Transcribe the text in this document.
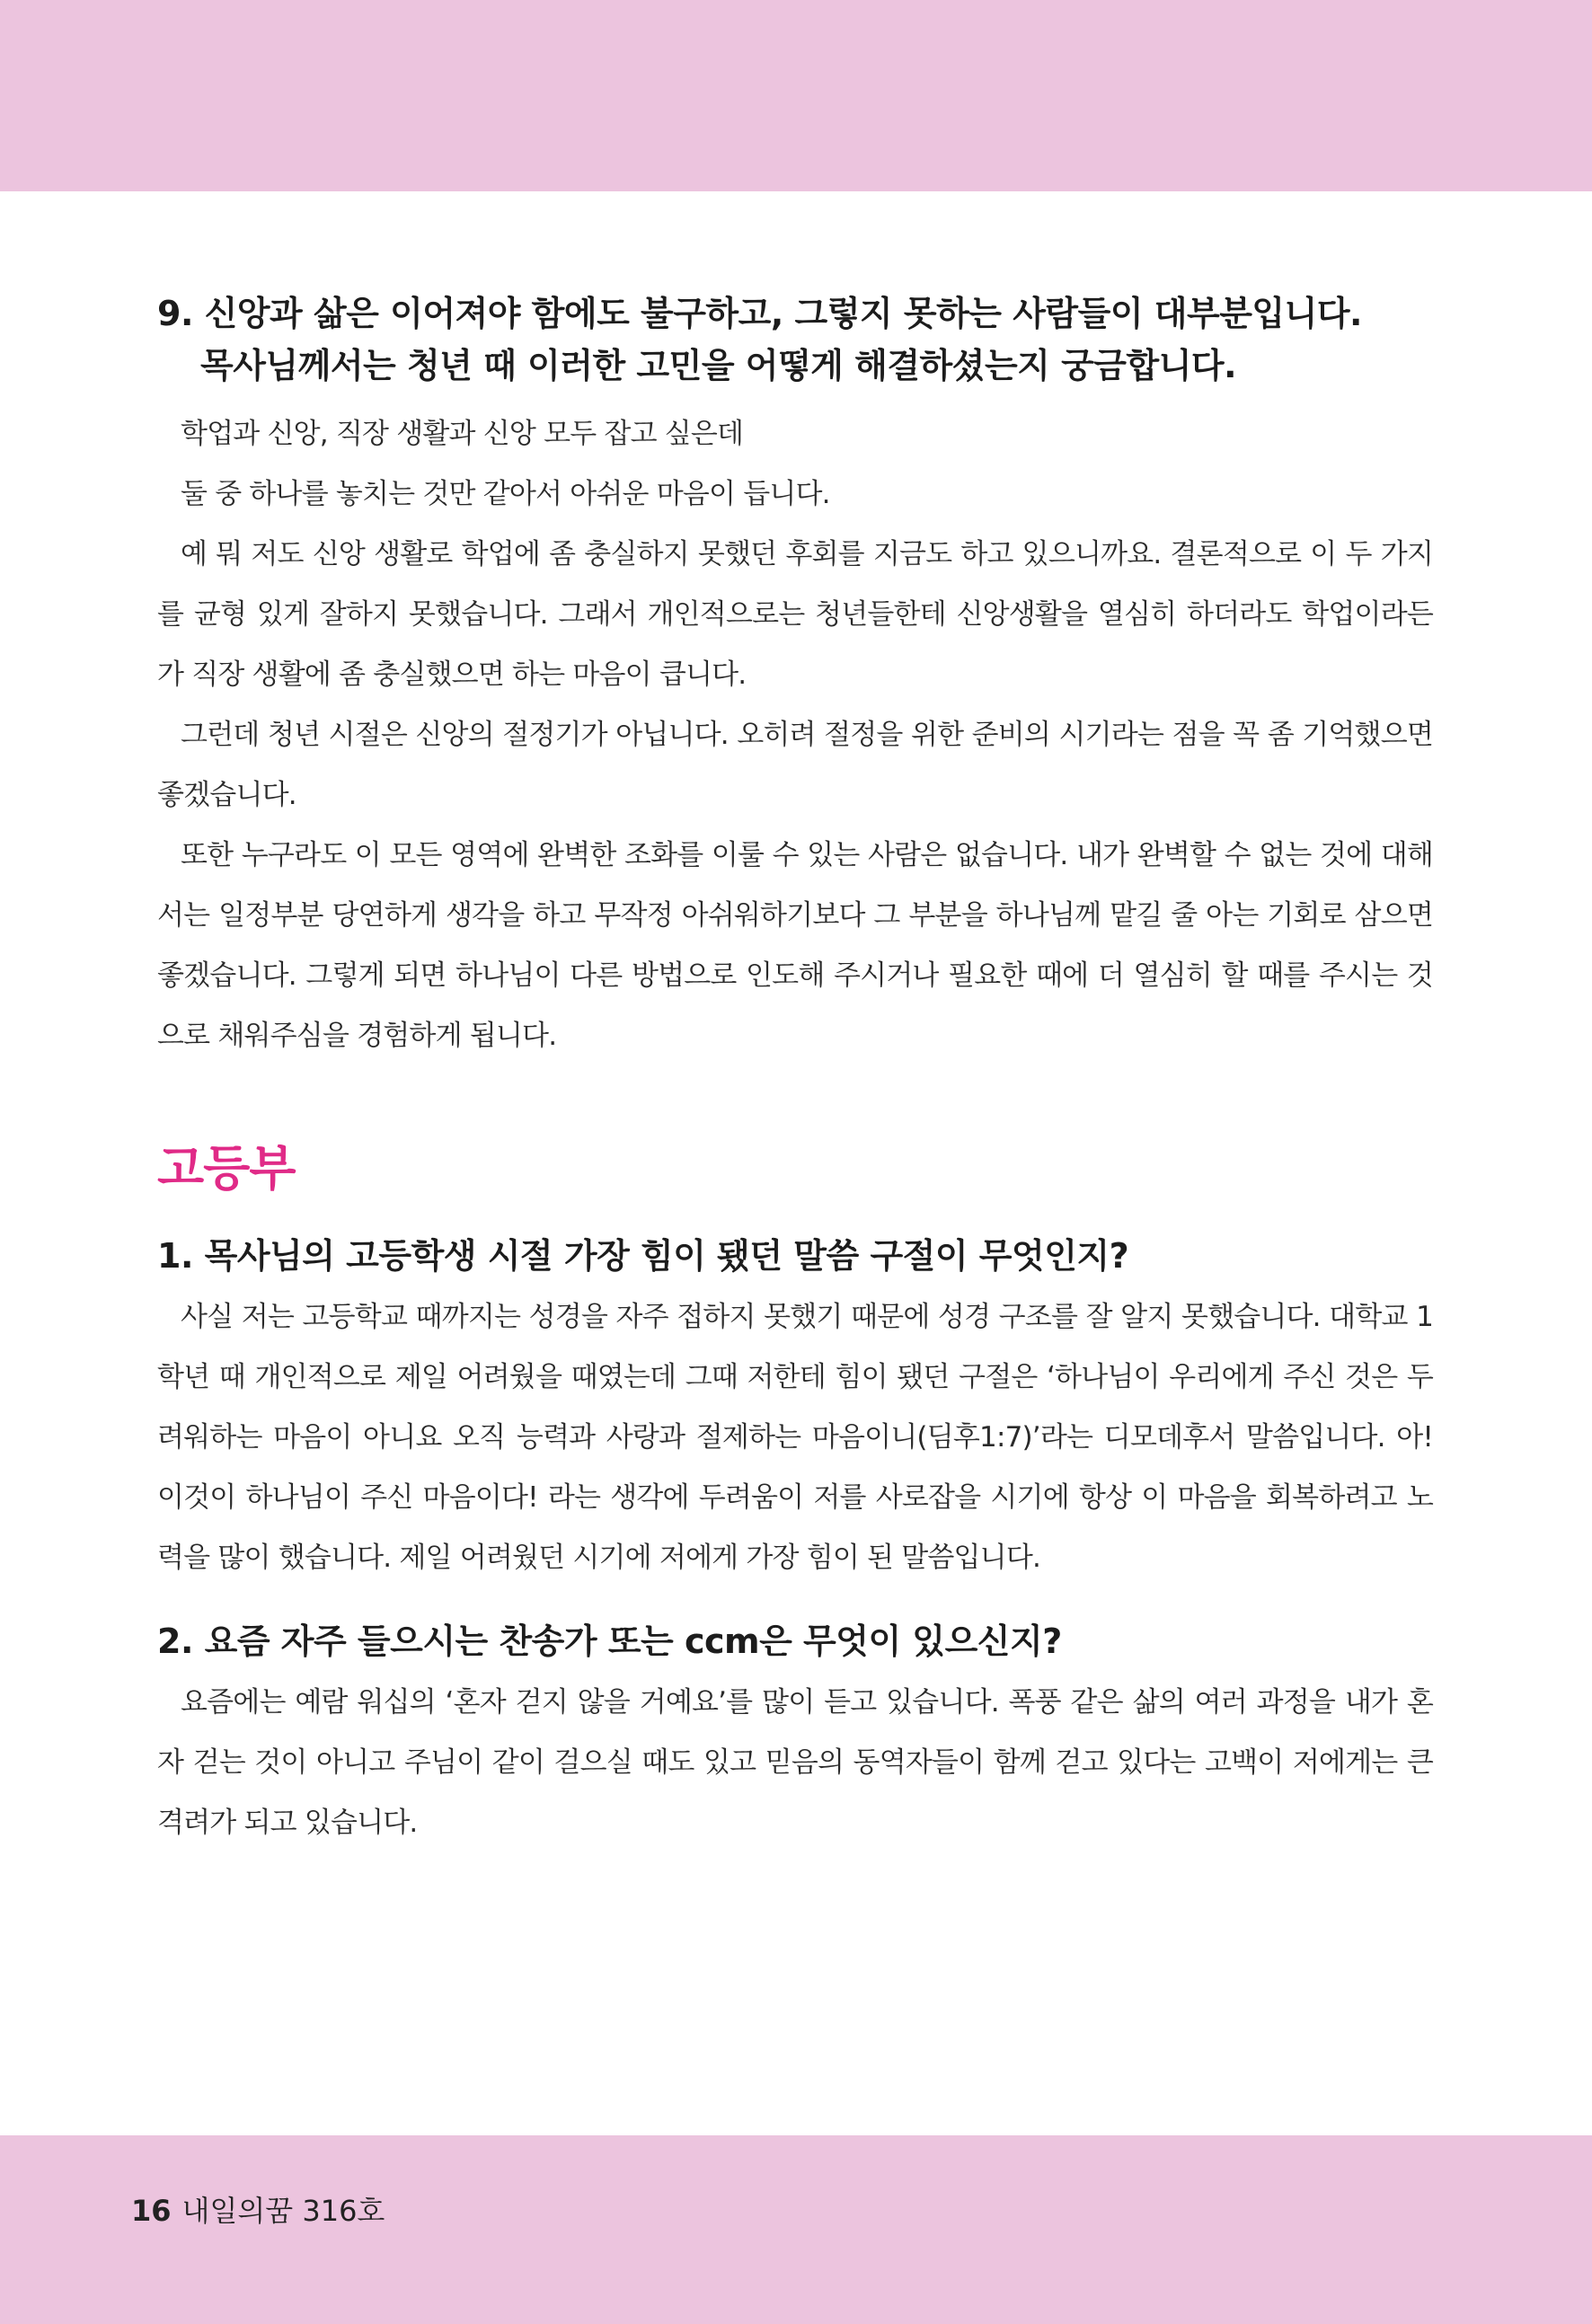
9. 신앙과 삶은 이어져야 함에도 불구하고, 그렇지 못하는 사람들이 대부분입니다.
목사님께서는 청년 때 이러한 고민을 어떻게 해결하셨는지 궁금합니다.

학업과 신앙, 직장 생활과 신앙 모두 잡고 싶은데

둘 중 하나를 놓치는 것만 같아서 아쉬운 마음이 듭니다.

예 뭐 저도 신앙 생활로 학업에 좀 충실하지 못했던 후회를 지금도 하고 있으니까요. 결론적으로 이 두 가지를 균형 있게 잘하지 못했습니다. 그래서 개인적으로는 청년들한테 신앙생활을 열심히 하더라도 학업이라든가 직장 생활에 좀 충실했으면 하는 마음이 큽니다.

그런데 청년 시절은 신앙의 절정기가 아닙니다. 오히려 절정을 위한 준비의 시기라는 점을 꼭 좀 기억했으면 좋겠습니다.

또한 누구라도 이 모든 영역에 완벽한 조화를 이룰 수 있는 사람은 없습니다. 내가 완벽할 수 없는 것에 대해서는 일정부분 당연하게 생각을 하고 무작정 아쉬워하기보다 그 부분을 하나님께 맡길 줄 아는 기회로 삼으면 좋겠습니다. 그렇게 되면 하나님이 다른 방법으로 인도해 주시거나 필요한 때에 더 열심히 할 때를 주시는 것으로 채워주심을 경험하게 됩니다.

고등부
1. 목사님의 고등학생 시절 가장 힘이 됐던 말씀 구절이 무엇인지?

사실 저는 고등학교 때까지는 성경을 자주 접하지 못했기 때문에 성경 구조를 잘 알지 못했습니다. 대학교 1학년 때 개인적으로 제일 어려웠을 때였는데 그때 저한테 힘이 됐던 구절은 ‘하나님이 우리에게 주신 것은 두려워하는 마음이 아니요 오직 능력과 사랑과 절제하는 마음이니(딤후1:7)’라는 디모데후서 말씀입니다. 아! 이것이 하나님이 주신 마음이다! 라는 생각에 두려움이 저를 사로잡을 시기에 항상 이 마음을 회복하려고 노력을 많이 했습니다. 제일 어려웠던 시기에 저에게 가장 힘이 된 말씀입니다.

2. 요즘 자주 들으시는 찬송가 또는 ccm은 무엇이 있으신지?

요즘에는 예람 워십의 ‘혼자 걷지 않을 거예요’를 많이 듣고 있습니다. 폭풍 같은 삶의 여러 과정을 내가 혼자 걷는 것이 아니고 주님이 같이 걸으실 때도 있고 믿음의 동역자들이 함께 걷고 있다는 고백이 저에게는 큰 격려가 되고 있습니다.

16 내일의꿈 316호
